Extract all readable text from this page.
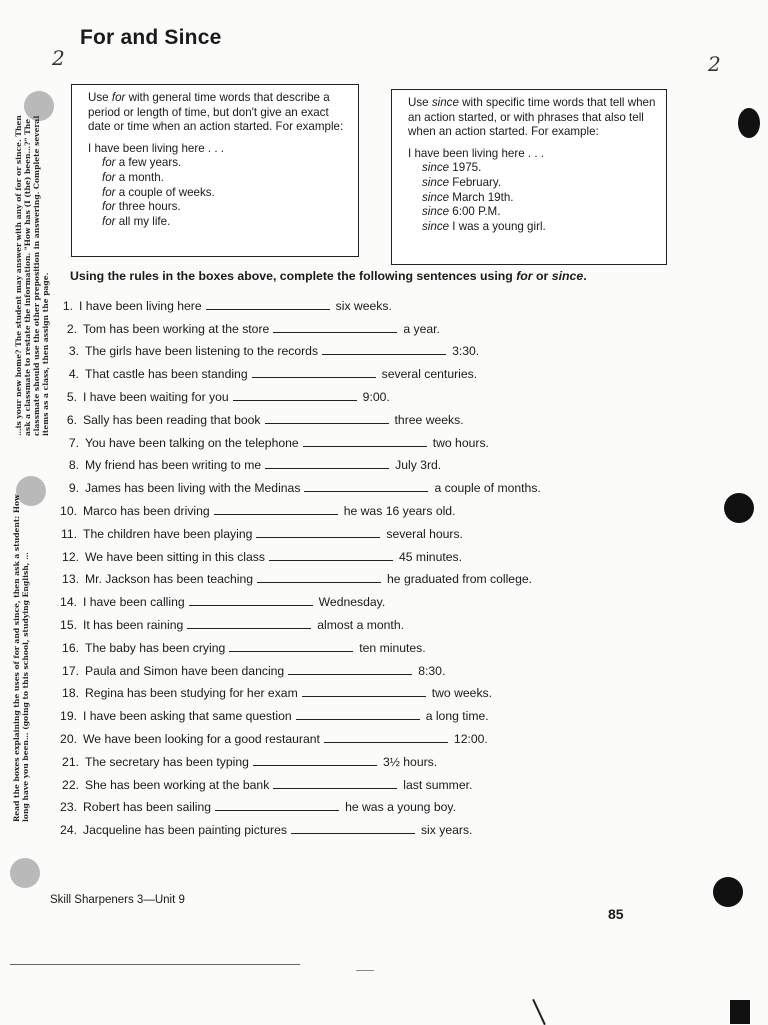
For and Since
2	2
…is your new home? The student may answer with any of for or since. Then ask a classmate to restate the information. "How has (I (the) been…?" The classmate should use the other preposition in answering. Complete several items as a class, then assign the page.
Read the boxes explaining the uses of for and since, then ask a student: How long have you been… (going to this school, studying English, …
Use for with general time words that describe a period or length of time, but don't give an exact date or time when an action started. For example:
I have been living here . . .
for a few years.
for a month.
for a couple of weeks.
for three hours.
for all my life.
Use since with specific time words that tell when an action started, or with phrases that also tell when an action started. For example:
I have been living here . . .
since 1975.
since February.
since March 19th.
since 6:00 P.M.
since I was a young girl.
Using the rules in the boxes above, complete the following sentences using for or since.
1. I have been living here	six weeks.
2. Tom has been working at the store	a year.
3. The girls have been listening to the records	3:30.
4. That castle has been standing	several centuries.
5. I have been waiting for you	9:00.
6. Sally has been reading that book	three weeks.
7. You have been talking on the telephone	two hours.
8. My friend has been writing to me	July 3rd.
9. James has been living with the Medinas	a couple of months.
10. Marco has been driving	he was 16 years old.
11. The children have been playing	several hours.
12. We have been sitting in this class	45 minutes.
13. Mr. Jackson has been teaching	he graduated from college.
14. I have been calling	Wednesday.
15. It has been raining	almost a month.
16. The baby has been crying	ten minutes.
17. Paula and Simon have been dancing	8:30.
18. Regina has been studying for her exam	two weeks.
19. I have been asking that same question	a long time.
20. We have been looking for a good restaurant	12:00.
21. The secretary has been typing	3½ hours.
22. She has been working at the bank	last summer.
23. Robert has been sailing	he was a young boy.
24. Jacqueline has been painting pictures	six years.
Skill Sharpeners 3—Unit 9
85
